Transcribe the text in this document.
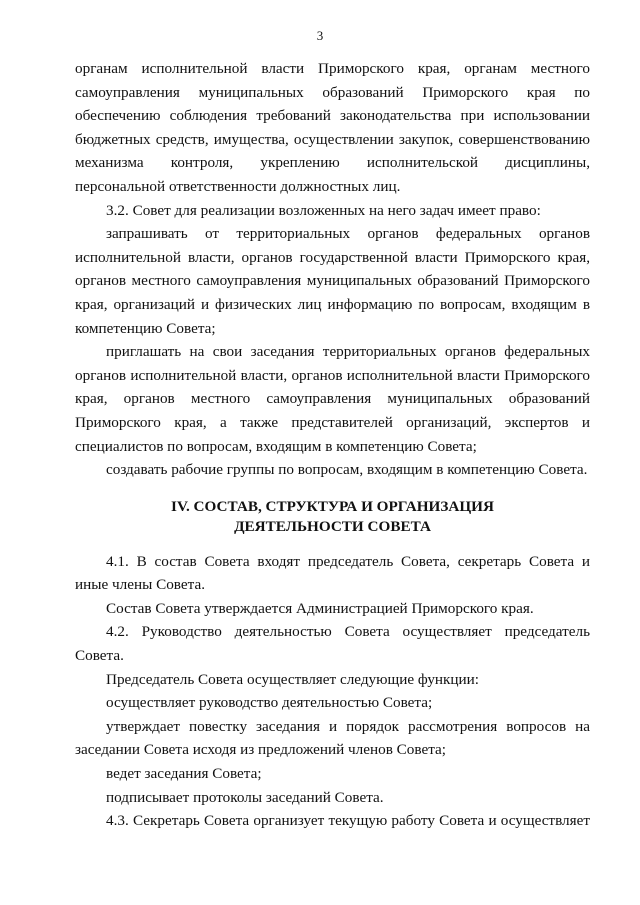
3

органам исполнительной власти Приморского края, органам местного самоуправления муниципальных образований Приморского края по обеспечению соблюдения требований законодательства при использовании бюджетных средств, имущества, осуществлении закупок, совершенствованию механизма контроля, укреплению исполнительской дисциплины, персональной ответственности должностных лиц.

3.2. Совет для реализации возложенных на него задач имеет право:

запрашивать от территориальных органов федеральных органов исполнительной власти, органов государственной власти Приморского края, органов местного самоуправления муниципальных образований Приморского края, организаций и физических лиц информацию по вопросам, входящим в компетенцию Совета;

приглашать на свои заседания территориальных органов федеральных органов исполнительной власти, органов исполнительной власти Приморского края, органов местного самоуправления муниципальных образований Приморского края, а также представителей организаций, экспертов и специалистов по вопросам, входящим в компетенцию Совета;

создавать рабочие группы по вопросам, входящим в компетенцию Совета.

IV. СОСТАВ, СТРУКТУРА И ОРГАНИЗАЦИЯ
ДЕЯТЕЛЬНОСТИ СОВЕТА

4.1. В состав Совета входят председатель Совета, секретарь Совета и иные члены Совета.

Состав Совета утверждается Администрацией Приморского края.

4.2. Руководство деятельностью Совета осуществляет председатель Совета.

Председатель Совета осуществляет следующие функции:

осуществляет руководство деятельностью Совета;

утверждает повестку заседания и порядок рассмотрения вопросов на заседании Совета исходя из предложений членов Совета;

ведет заседания Совета;

подписывает протоколы заседаний Совета.

4.3. Секретарь Совета организует текущую работу Совета и осуществляет
